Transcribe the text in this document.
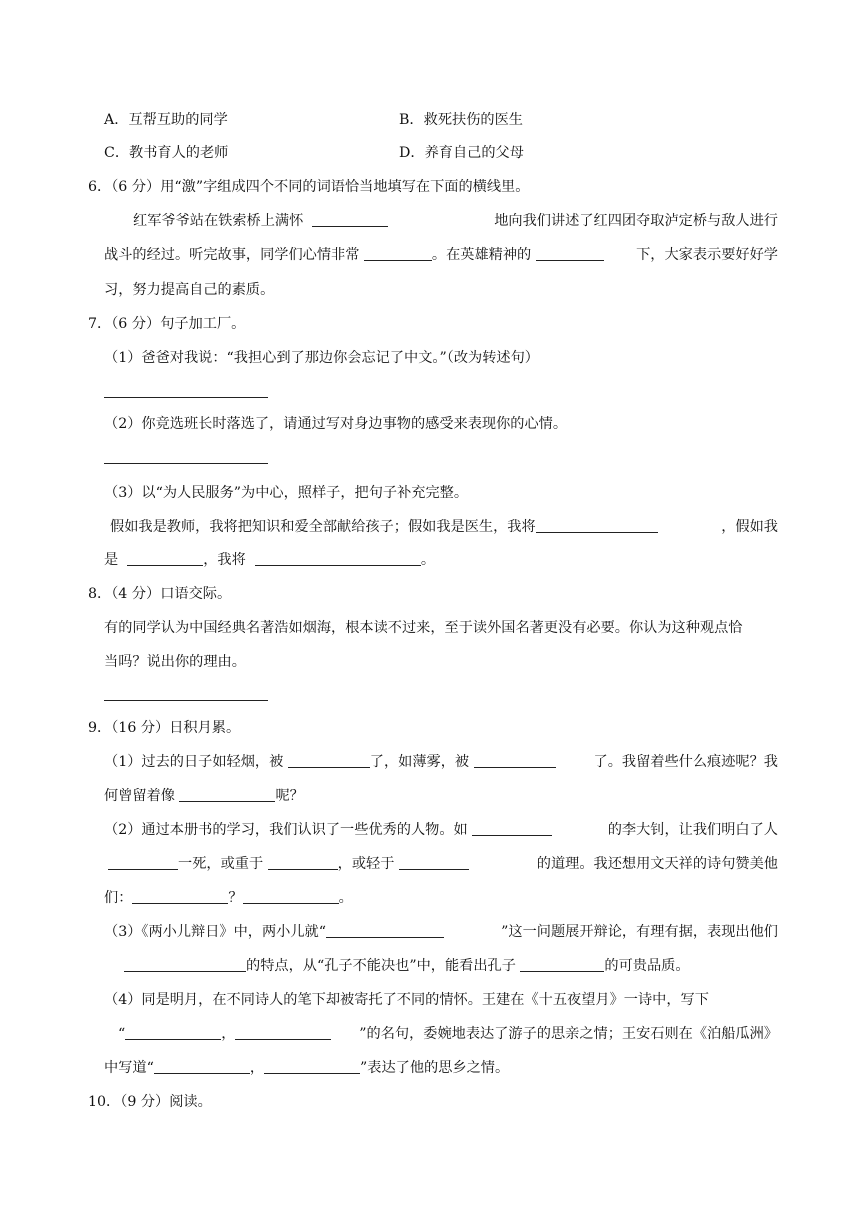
A．互帮互助的同学	B．救死扶伤的医生
C．教书育人的老师	D．养育自己的父母
6．（6 分）用“激”字组成四个不同的词语恰当地填写在下面的横线里。
红军爷爷站在铁索桥上满怀	地向我们讲述了红四团夺取泸定桥与敌人进行
战斗的经过。听完故事，同学们心情非常	。在英雄精神的	下，大家表示要好好学
习，努力提高自己的素质。
7．（6 分）句子加工厂。
（1）爸爸对我说：“我担心到了那边你会忘记了中文。”（改为转述句）
（2）你竞选班长时落选了，请通过写对身边事物的感受来表现你的心情。
（3）以“为人民服务”为中心，照样子，把句子补充完整。
假如我是教师，我将把知识和爱全部献给孩子；假如我是医生，我将	，假如我
是	，我将	。
8．（4 分）口语交际。
有的同学认为中国经典名著浩如烟海，根本读不过来，至于读外国名著更没有必要。你认为这种观点恰
当吗？说出你的理由。
9．（16 分）日积月累。
（1）过去的日子如轻烟，被	了，如薄雾，被	了。我留着些什么痕迹呢？我
何曾留着像	呢？
（2）通过本册书的学习，我们认识了一些优秀的人物。如	的李大钊，让我们明白了人
一死，或重于	，或轻于	的道理。我还想用文天祥的诗句赞美他
们：	？	。
（3）《两小儿辩日》中，两小儿就“	”这一问题展开辩论，有理有据，表现出他们
的特点，从“孔子不能决也”中，能看出孔子	的可贵品质。
（4）同是明月，在不同诗人的笔下却被寄托了不同的情怀。王建在《十五夜望月》一诗中，写下
“	，	”的名句，委婉地表达了游子的思亲之情；王安石则在《泊船瓜洲》
中写道“	，	”表达了他的思乡之情。
10．（9 分）阅读。
